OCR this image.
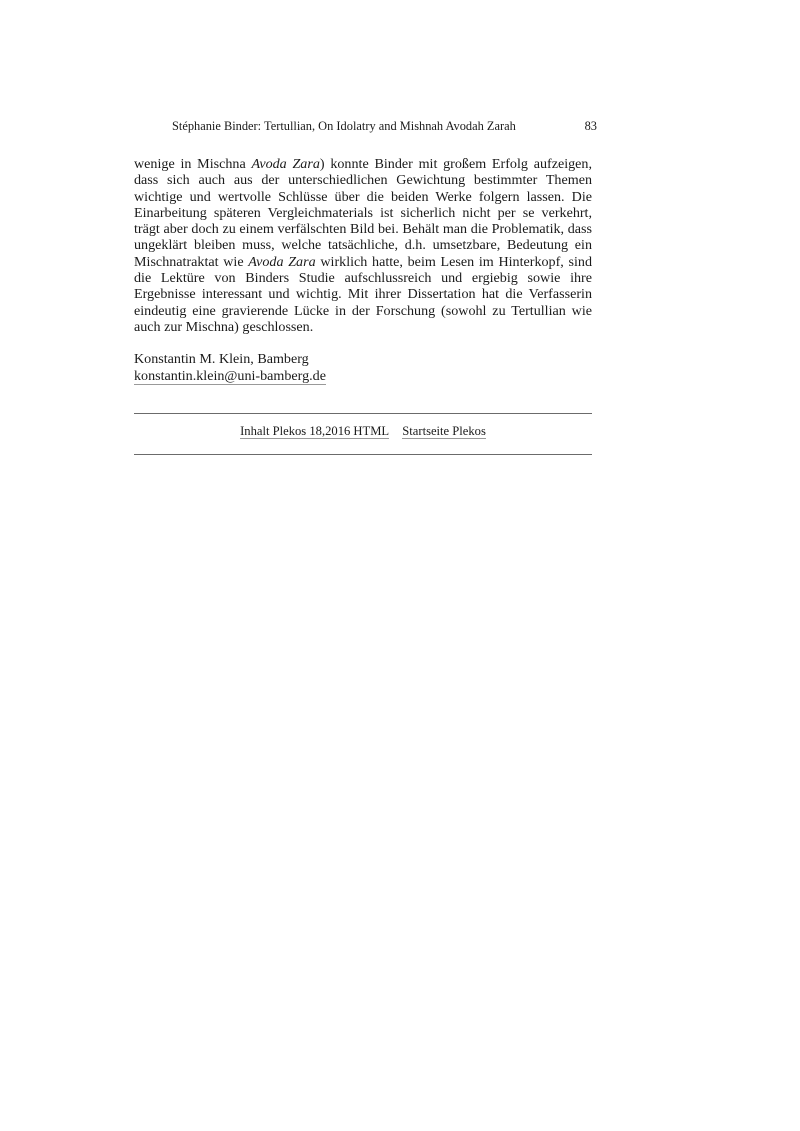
Stéphanie Binder: Tertullian, On Idolatry and Mishnah Avodah Zarah	83

wenige in Mischna Avoda Zara) konnte Binder mit großem Erfolg aufzeigen, dass sich auch aus der unterschiedlichen Gewichtung bestimmter Themen wichtige und wertvolle Schlüsse über die beiden Werke folgern lassen. Die Einarbeitung späteren Vergleichmaterials ist sicherlich nicht per se verkehrt, trägt aber doch zu einem verfälschten Bild bei. Behält man die Problematik, dass ungeklärt bleiben muss, welche tatsächliche, d.h. umsetzbare, Bedeutung ein Mischnatraktat wie Avoda Zara wirklich hatte, beim Lesen im Hinterkopf, sind die Lektüre von Binders Studie aufschlussreich und ergiebig sowie ihre Ergebnisse interessant und wichtig. Mit ihrer Dissertation hat die Verfasserin eindeutig eine gravierende Lücke in der Forschung (sowohl zu Tertullian wie auch zur Mischna) geschlossen.

Konstantin M. Klein, Bamberg
konstantin.klein@uni-bamberg.de
Inhalt Plekos 18,2016 HTML Startseite Plekos
